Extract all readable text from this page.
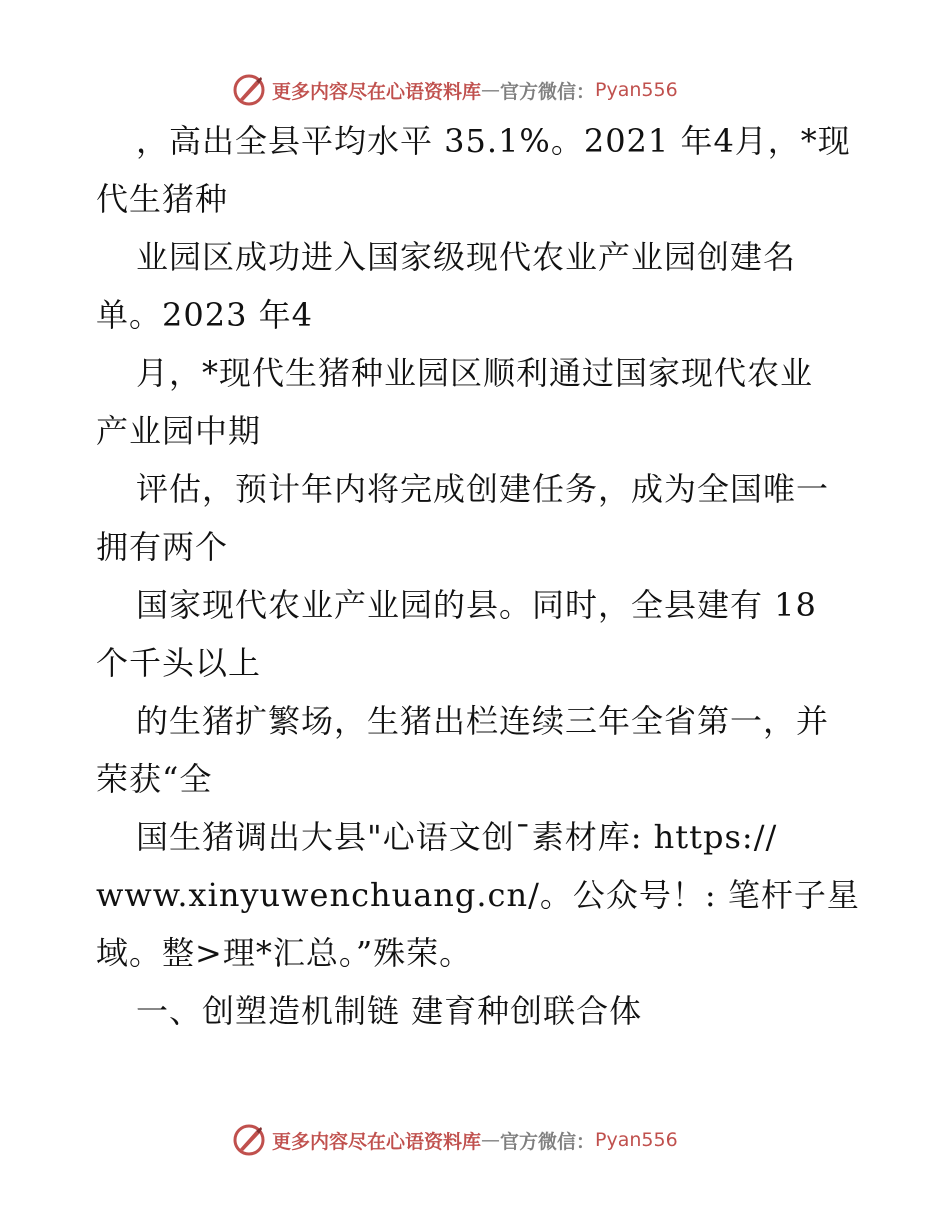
更多内容尽在心语资料库 — 官方微信： Pyan556
，高出全县平均水平 35.1%。2021 年4月，*现
代生猪种
业园区成功进入国家级现代农业产业园创建名
单。2023 年4
月，*现代生猪种业园区顺利通过国家现代农业
产业园中期
评估，预计年内将完成创建任务，成为全国唯一
拥有两个
国家现代农业产业园的县。同时，全县建有 18
个千头以上
的生猪扩繁场，生猪出栏连续三年全省第一，并
荣获“全
国生猪调出大县"心语文创¯素材库: https://
www.xinyuwenchuang.cn/。公众号！: 笔杆子星
域。整>理*汇总。”殊荣。
一、创塑造机制链 建育种创联合体
更多内容尽在心语资料库 — 官方微信： Pyan556
